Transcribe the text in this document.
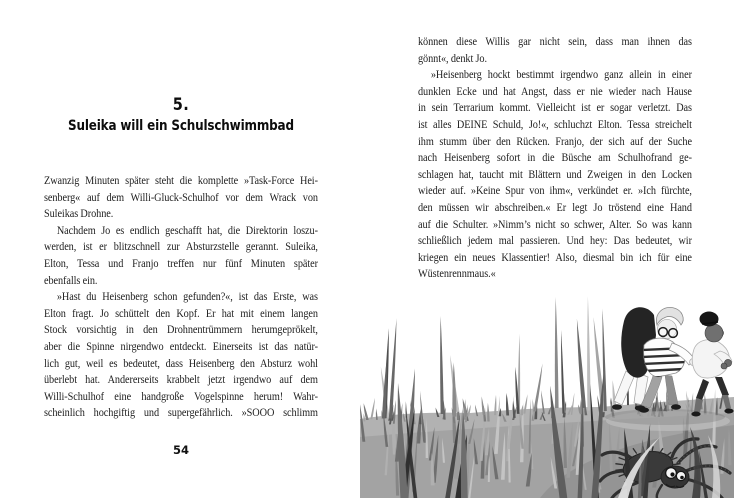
5.
Suleika will ein Schulschwimmbad
Zwanzig Minuten später steht die komplette »Task-Force Hei-
senberg« auf dem Willi-Gluck-Schulhof vor dem Wrack von
Suleikas Drohne.
Nachdem Jo es endlich geschafft hat, die Direktorin loszu-
werden, ist er blitzschnell zur Absturzstelle gerannt. Suleika,
Elton, Tessa und Franjo treffen nur fünf Minuten später
ebenfalls ein.
»Hast du Heisenberg schon gefunden?«, ist das Erste, was
Elton fragt. Jo schüttelt den Kopf. Er hat mit einem langen
Stock vorsichtig in den Drohnentrümmern herumgeprökelt,
aber die Spinne nirgendwo entdeckt. Einerseits ist das natür-
lich gut, weil es bedeutet, dass Heisenberg den Absturz wohl
überlebt hat. Andererseits krabbelt jetzt irgendwo auf dem
Willi-Schulhof eine handgroße Vogelspinne herum! Wahr-
scheinlich hochgiftig und supergefährlich. »SOOO schlimm
54
können diese Willis gar nicht sein, dass man ihnen das
gönnt«, denkt Jo.
»Heisenberg hockt bestimmt irgendwo ganz allein in einer
dunklen Ecke und hat Angst, dass er nie wieder nach Hause
in sein Terrarium kommt. Vielleicht ist er sogar verletzt. Das
ist alles DEINE Schuld, Jo!«, schluchzt Elton. Tessa streichelt
ihm stumm über den Rücken. Franjo, der sich auf der Suche
nach Heisenberg sofort in die Büsche am Schulhofrand ge-
schlagen hat, taucht mit Blättern und Zweigen in den Locken
wieder auf. »Keine Spur von ihm«, verkündet er. »Ich fürchte,
den müssen wir abschreiben.« Er legt Jo tröstend eine Hand
auf die Schulter. »Nimm’s nicht so schwer, Alter. So was kann
schließlich jedem mal passieren. Und hey: Das bedeutet, wir
kriegen ein neues Klassentier! Also, diesmal bin ich für eine
Wüstenrennmaus.«
